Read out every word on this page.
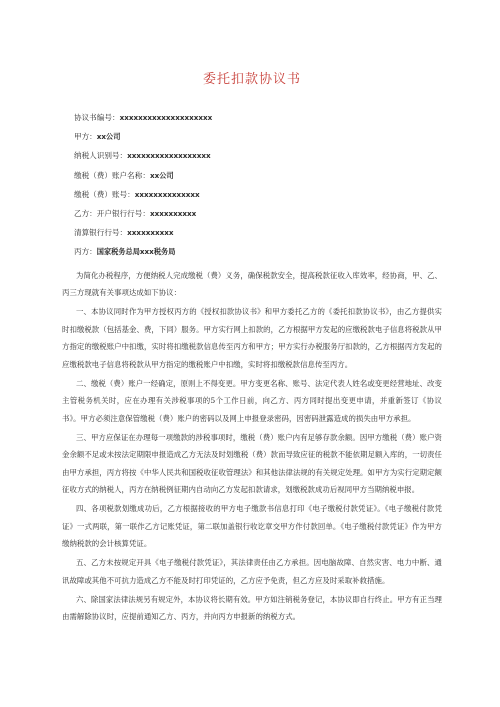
委托扣款协议书
协议书编号：xxxxxxxxxxxxxxxxxxxx
甲方：xx公司
纳税人识别号：xxxxxxxxxxxxxxxxxx
缴税（费）账户名称：xx公司
缴税（费）账号：xxxxxxxxxxxxxx
乙方：开户银行行号：xxxxxxxxxx
清算银行行号：xxxxxxxxxx
丙方：国家税务总局xxx税务局

为简化办税程序，方便纳税人完成缴税（费）义务，确保税款安全，提高税款征收入库效率，经协商，甲、乙、丙三方现就有关事项达成如下协议：

一、本协议同时作为甲方授权丙方的《授权扣款协议书》和甲方委托乙方的《委托扣款协议书》，由乙方提供实时扣缴税款（包括基金、费，下同）服务。甲方实行网上扣款的，乙方根据甲方发起的应缴税款电子信息将税款从甲方指定的缴税账户中扣缴，实时将扣缴税款信息传至丙方和甲方；甲方实行办税服务厅扣款的，乙方根据丙方发起的应缴税款电子信息将税款从甲方指定的缴税账户中扣缴，实时将扣缴税款信息传至丙方。

二、缴税（费）账户一经确定，原则上不得变更。甲方变更名称、账号、法定代表人姓名或变更经营地址、改变主管税务机关时，应在办理有关涉税事项的5个工作日前，向乙方、丙方同时提出变更申请，并重新签订《协议书》。甲方必须注意保管缴税（费）账户的密码以及网上申报登录密码，因密码泄露造成的损失由甲方承担。

三、甲方应保证在办理每一项缴款的涉税事项时，缴税（费）账户内有足够存款余额。因甲方缴税（费）账户资金余额不足或未按法定期限申报造成乙方无法及时划缴税（费）款而导致应征的税款不能依期足额入库的，一切责任由甲方承担，丙方将按《中华人民共和国税收征收管理法》和其他法律法规的有关规定处理。如甲方为实行定期定额征收方式的纳税人，丙方在纳税例征期内自动向乙方发起扣款请求，划缴税款成功后视同甲方当期纳税申报。

四、各项税款划缴成功后，乙方根据接收的甲方电子缴款书信息打印《电子缴税付款凭证》。《电子缴税付款凭证》一式两联，第一联作乙方记账凭证，第二联加盖银行收讫章交甲方作付款回单。《电子缴税付款凭证》作为甲方缴纳税款的会计核算凭证。

五、乙方未按规定开具《电子缴税付款凭证》，其法律责任由乙方承担。因电脑故障、自然灾害、电力中断、通讯故障或其他不可抗力造成乙方不能及时打印凭证的，乙方应予免责，但乙方应及时采取补救措施。

六、除国家法律法规另有规定外，本协议将长期有效。甲方如注销税务登记，本协议即自行终止。甲方有正当理由需解除协议时，应提前通知乙方、丙方，并向丙方申报新的纳税方式。
